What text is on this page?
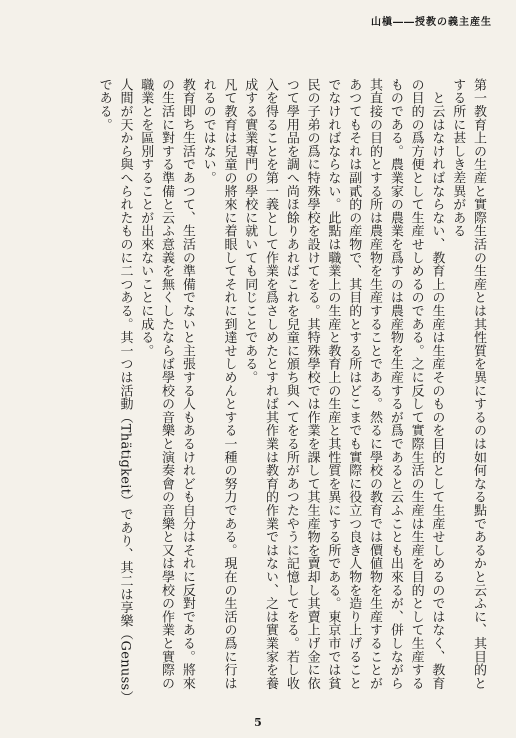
生産主義の教授――槇山

第一教育上の生産と實際生活の生産とは其性質を異にするのは如何なる點であるかと云ふに、其目的とする所に甚しき差異がある

　と云はなければならない、教育上の生産は生産そのものを目的として生産せしめるのではなく、教育の目的の爲方便として生産せしめるのである。之に反して實際生活の生産は生産を目的として生産するものである。農業家の農業を爲すのは農産物を生産するが爲であると云ふことも出來るが、併しながら其直接の目的とする所は農産物を生産することである。然るに學校の教育では價値物を生産することがあつてもそれは副貳的の産物で、其目的とする所はどこまでも實際に役立つ良き人物を造り上げることでなければならない。此點は職業上の生産と教育上の生産と其性質を異にする所である。東京市では貧民の子弟の爲に特殊學校を設けてをる。其特殊學校では作業を課して其生産物を賣却し其賣上げ金に依つて學用品を調へ尚ほ餘りあればこれを兒童に頒ち與へてをる所があつたやうに記憶してをる。若し收入を得ることを第一義として作業を爲さしめたとすれば其作業は教育的作業ではない、之は實業家を養成する實業專門の學校に就いても同じことである。

凡て教育は兒童の將來に着眼してそれに到達せしめんとする一種の努力である。現在の生活の爲に行はれるのではない。

教育即ち生活であつて、生活の準備でないと主張する人もあるけれども自分はそれに反對である。將來の生活に對する準備と云ふ意義を無くしたならば學校の音樂と演奏會の音樂と又は學校の作業と實際の職業とを區別することが出來ないことに成る。

人間が天から與へられたものに二つある。其一つは活動（Thätigkeit）であり、其二は享樂（Genuss）である。

5
